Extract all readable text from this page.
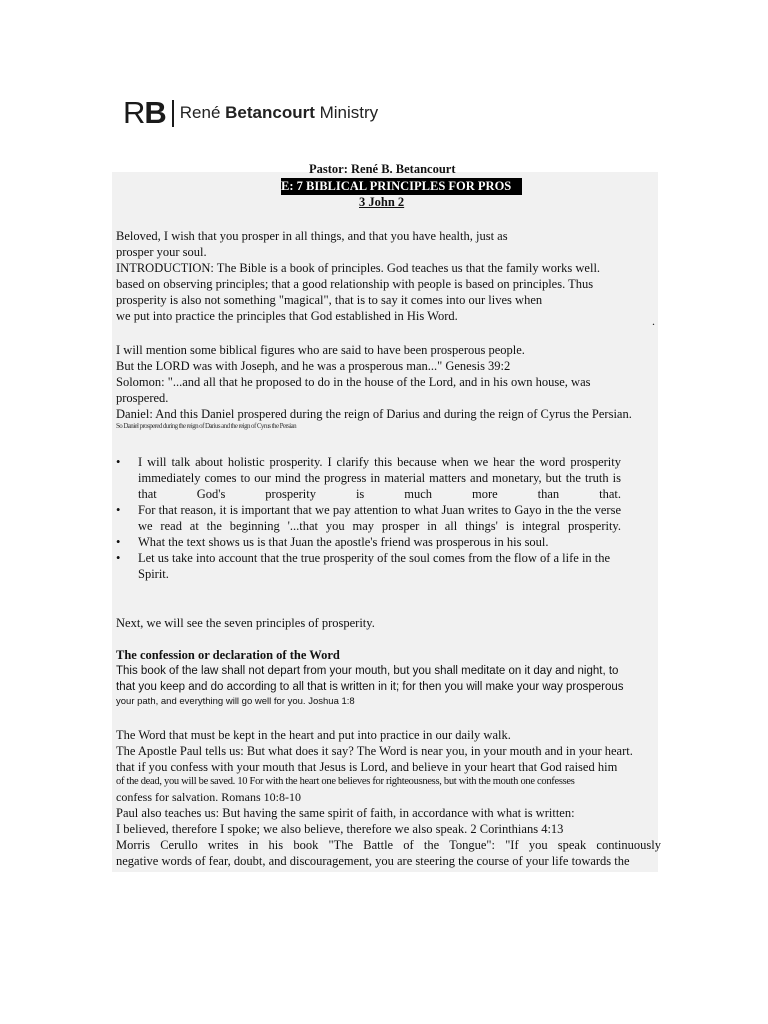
RB René Betancourt Ministry
Pastor: René B. Betancourt
E: 7 BIBLICAL PRINCIPLES FOR PROS
3 John 2

Beloved, I wish that you prosper in all things, and that you have health, just as

prosper your soul.

INTRODUCTION: The Bible is a book of principles. God teaches us that the family works well.

based on observing principles; that a good relationship with people is based on principles. Thus

prosperity is also not something "magical", that is to say it comes into our lives when

we put into practice the principles that God established in His Word.	.

I will mention some biblical figures who are said to have been prosperous people.

But the LORD was with Joseph, and he was a prosperous man..." Genesis 39:2

Solomon: "...and all that he proposed to do in the house of the Lord, and in his own house, was

prospered.

Daniel: And this Daniel prospered during the reign of Darius and during the reign of Cyrus the Persian.

So Daniel prospered during the reign of Darius and the reign of Cyrus the Persian

• I will talk about holistic prosperity. I clarify this because when we hear the word prosperity immediately comes to our mind the progress in material matters and monetary, but the truth is that God's prosperity is much more than that.
• For that reason, it is important that we pay attention to what Juan writes to Gayo in the the verse we read at the beginning '...that you may prosper in all things' is integral prosperity.
• What the text shows us is that Juan the apostle's friend was prosperous in his soul.
• Let us take into account that the true prosperity of the soul comes from the flow of a life in the Spirit.

Next, we will see the seven principles of prosperity.

The confession or declaration of the Word

This book of the law shall not depart from your mouth, but you shall meditate on it day and night, to

that you keep and do according to all that is written in it; for then you will make your way prosperous

your path, and everything will go well for you. Joshua 1:8

The Word that must be kept in the heart and put into practice in our daily walk.

The Apostle Paul tells us: But what does it say? The Word is near you, in your mouth and in your heart.

that if you confess with your mouth that Jesus is Lord, and believe in your heart that God raised him

of the dead, you will be saved. 10 For with the heart one believes for righteousness, but with the mouth one confesses

confess for salvation. Romans 10:8-10

Paul also teaches us: But having the same spirit of faith, in accordance with what is written:

I believed, therefore I spoke; we also believe, therefore we also speak. 2 Corinthians 4:13

Morris Cerullo writes in his book "The Battle of the Tongue": "If you speak continuously

negative words of fear, doubt, and discouragement, you are steering the course of your life towards the
